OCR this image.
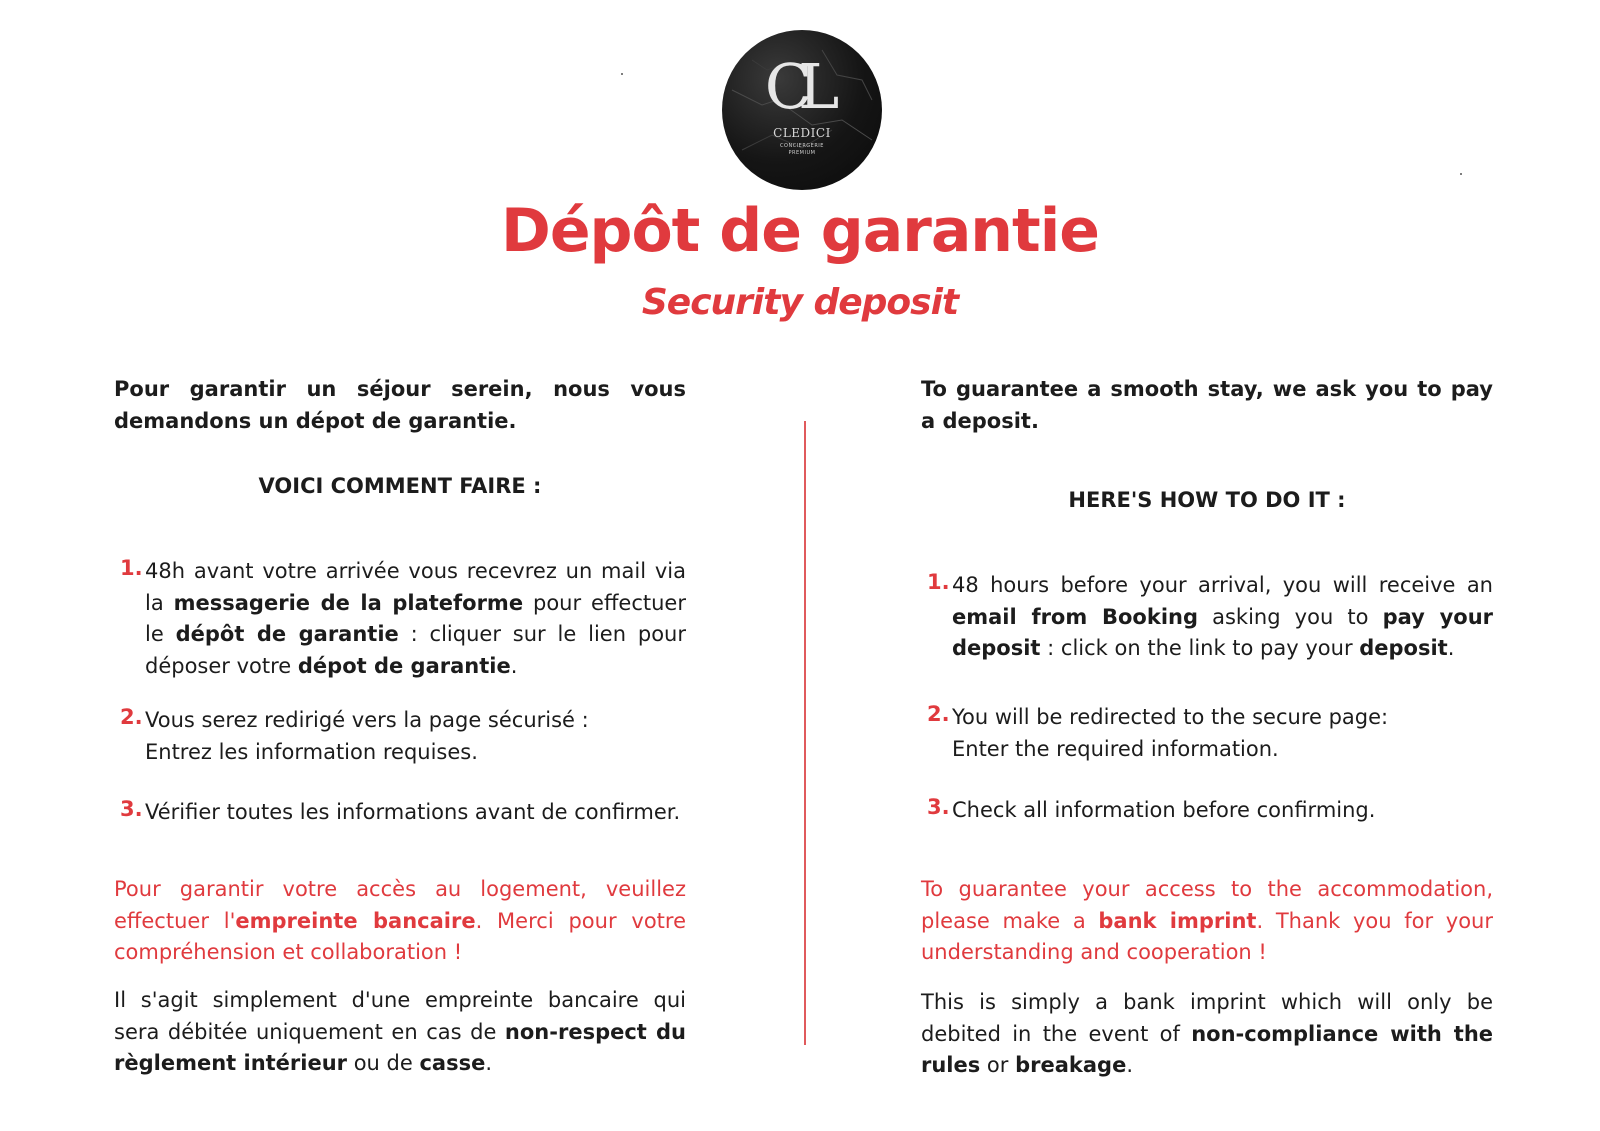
CL
CLEDICI
CONCIERGERIE
PREMIUM
Dépôt de garantie
Security deposit

Pour garantir un séjour serein, nous vous demandons un dépot de garantie.

VOICI COMMENT FAIRE :

1. 48h avant votre arrivée vous recevrez un mail via la messagerie de la plateforme pour effectuer le dépôt de garantie : cliquer sur le lien pour déposer votre dépot de garantie.
2. Vous serez redirigé vers la page sécurisé :
Entrez les information requises.
3. Vérifier toutes les informations avant de confirmer.

Pour garantir votre accès au logement, veuillez effectuer l'empreinte bancaire. Merci pour votre compréhension et collaboration !

Il s'agit simplement d'une empreinte bancaire qui sera débitée uniquement en cas de non-respect du règlement intérieur ou de casse.

To guarantee a smooth stay, we ask you to pay a deposit.

HERE'S HOW TO DO IT :

1. 48 hours before your arrival, you will receive an email from Booking asking you to pay your deposit : click on the link to pay your deposit.
2. You will be redirected to the secure page:
Enter the required information.
3. Check all information before confirming.

To guarantee your access to the accommodation, please make a bank imprint. Thank you for your understanding and cooperation !

This is simply a bank imprint which will only be debited in the event of non-compliance with the rules or breakage.
